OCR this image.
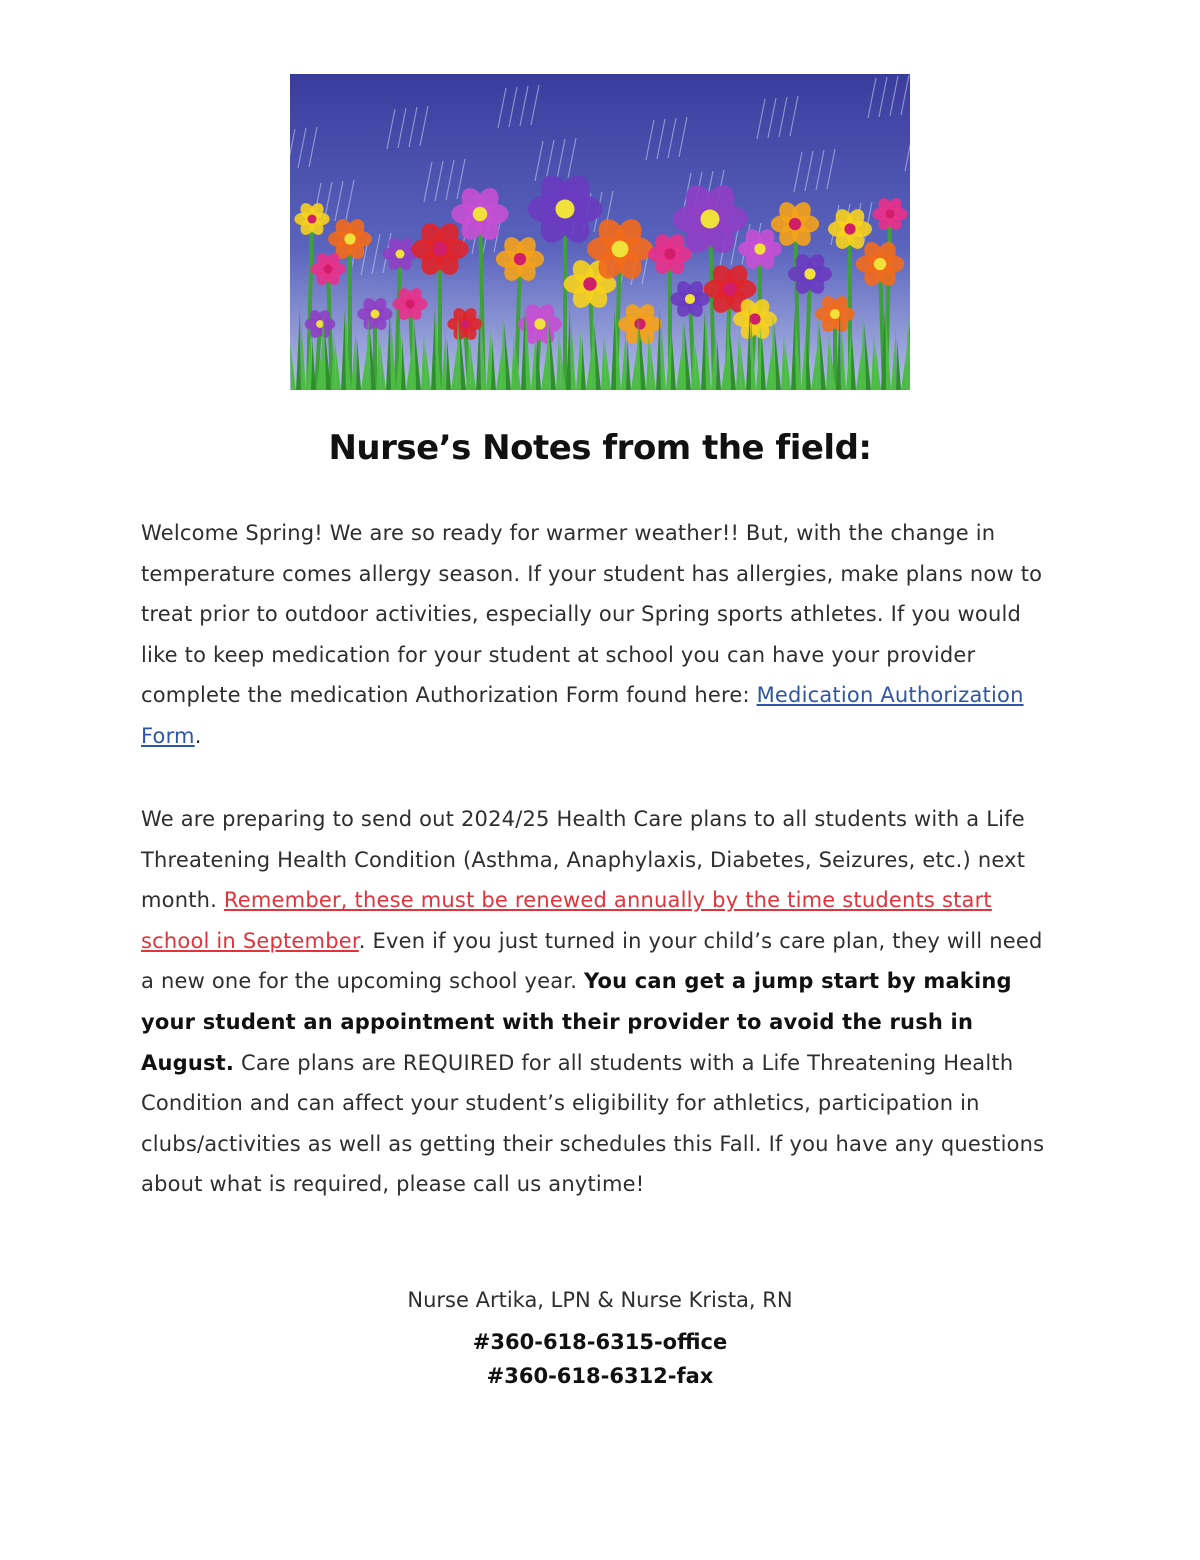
Nurse’s Notes from the field:
Welcome Spring! We are so ready for warmer weather!! But, with the change in temperature comes allergy season. If your student has allergies, make plans now to treat prior to outdoor activities, especially our Spring sports athletes. If you would like to keep medication for your student at school you can have your provider complete the medication Authorization Form found here: Medication Authorization Form.
We are preparing to send out 2024/25 Health Care plans to all students with a Life Threatening Health Condition (Asthma, Anaphylaxis, Diabetes, Seizures, etc.) next month. Remember, these must be renewed annually by the time students start school in September. Even if you just turned in your child’s care plan, they will need a new one for the upcoming school year. You can get a jump start by making your student an appointment with their provider to avoid the rush in August. Care plans are REQUIRED for all students with a Life Threatening Health Condition and can affect your student’s eligibility for athletics, participation in clubs/activities as well as getting their schedules this Fall. If you have any questions about what is required, please call us anytime!
Nurse Artika, LPN & Nurse Krista, RN
#360-618-6315-office
#360-618-6312-fax
